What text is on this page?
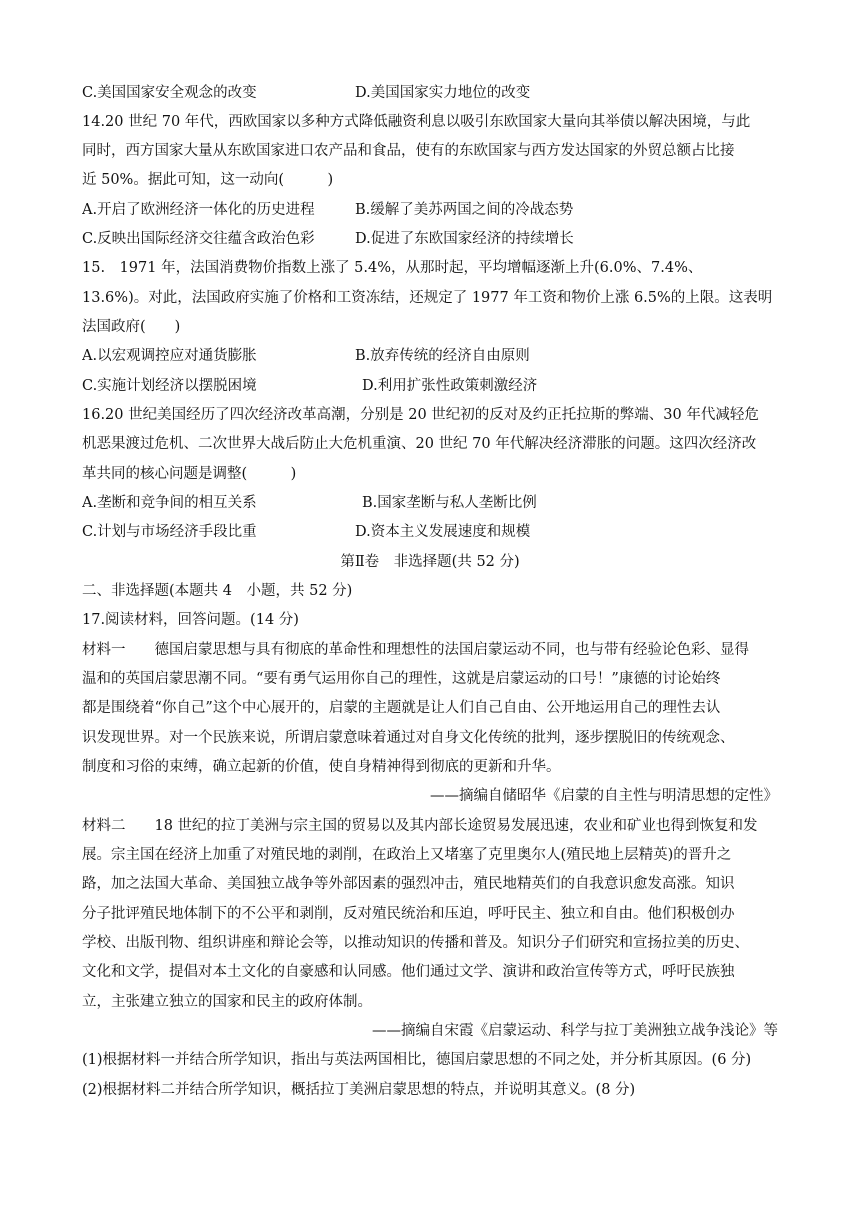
C.美国国家安全观念的改变	D.美国国家实力地位的改变
14.20 世纪 70 年代，西欧国家以多种方式降低融资利息以吸引东欧国家大量向其举债以解决困境，与此
同时，西方国家大量从东欧国家进口农产品和食品，使有的东欧国家与西方发达国家的外贸总额占比接
近 50%。据此可知，这一动向(　　　)
A.开启了欧洲经济一体化的历史进程	B.缓解了美苏两国之间的冷战态势
C.反映出国际经济交往蕴含政治色彩	D.促进了东欧国家经济的持续增长
15.　1971 年，法国消费物价指数上涨了 5.4%，从那时起，平均增幅逐渐上升(6.0%、7.4%、
13.6%)。对此，法国政府实施了价格和工资冻结，还规定了 1977 年工资和物价上涨 6.5%的上限。这表明
法国政府(　　)
A.以宏观调控应对通货膨胀	B.放弃传统的经济自由原则
C.实施计划经济以摆脱困境	D.利用扩张性政策刺激经济
16.20 世纪美国经历了四次经济改革高潮，分别是 20 世纪初的反对及约正托拉斯的弊端、30 年代减轻危
机恶果渡过危机、二次世界大战后防止大危机重演、20 世纪 70 年代解决经济滞胀的问题。这四次经济改
革共同的核心问题是调整(　　　)
A.垄断和竞争间的相互关系	B.国家垄断与私人垄断比例
C.计划与市场经济手段比重	D.资本主义发展速度和规模
第Ⅱ卷　非选择题(共 52 分)
二、非选择题(本题共 4　小题，共 52 分)
17.阅读材料，回答问题。(14 分)
材料一　　德国启蒙思想与具有彻底的革命性和理想性的法国启蒙运动不同，也与带有经验论色彩、显得
温和的英国启蒙思潮不同。“要有勇气运用你自己的理性，这就是启蒙运动的口号！”康德的讨论始终
都是围绕着“你自己”这个中心展开的，启蒙的主题就是让人们自己自由、公开地运用自己的理性去认
识发现世界。对一个民族来说，所谓启蒙意味着通过对自身文化传统的批判，逐步摆脱旧的传统观念、
制度和习俗的束缚，确立起新的价值，使自身精神得到彻底的更新和升华。
——摘编自储昭华《启蒙的自主性与明清思想的定性》
材料二　　18 世纪的拉丁美洲与宗主国的贸易以及其内部长途贸易发展迅速，农业和矿业也得到恢复和发
展。宗主国在经济上加重了对殖民地的剥削，在政治上又堵塞了克里奥尔人(殖民地上层精英)的晋升之
路，加之法国大革命、美国独立战争等外部因素的强烈冲击，殖民地精英们的自我意识愈发高涨。知识
分子批评殖民地体制下的不公平和剥削，反对殖民统治和压迫，呼吁民主、独立和自由。他们积极创办
学校、出版刊物、组织讲座和辩论会等，以推动知识的传播和普及。知识分子们研究和宣扬拉美的历史、
文化和文学，提倡对本土文化的自豪感和认同感。他们通过文学、演讲和政治宣传等方式，呼吁民族独
立，主张建立独立的国家和民主的政府体制。
——摘编自宋霞《启蒙运动、科学与拉丁美洲独立战争浅论》等
(1)根据材料一并结合所学知识，指出与英法两国相比，德国启蒙思想的不同之处，并分析其原因。(6 分)
(2)根据材料二并结合所学知识，概括拉丁美洲启蒙思想的特点，并说明其意义。(8 分)
